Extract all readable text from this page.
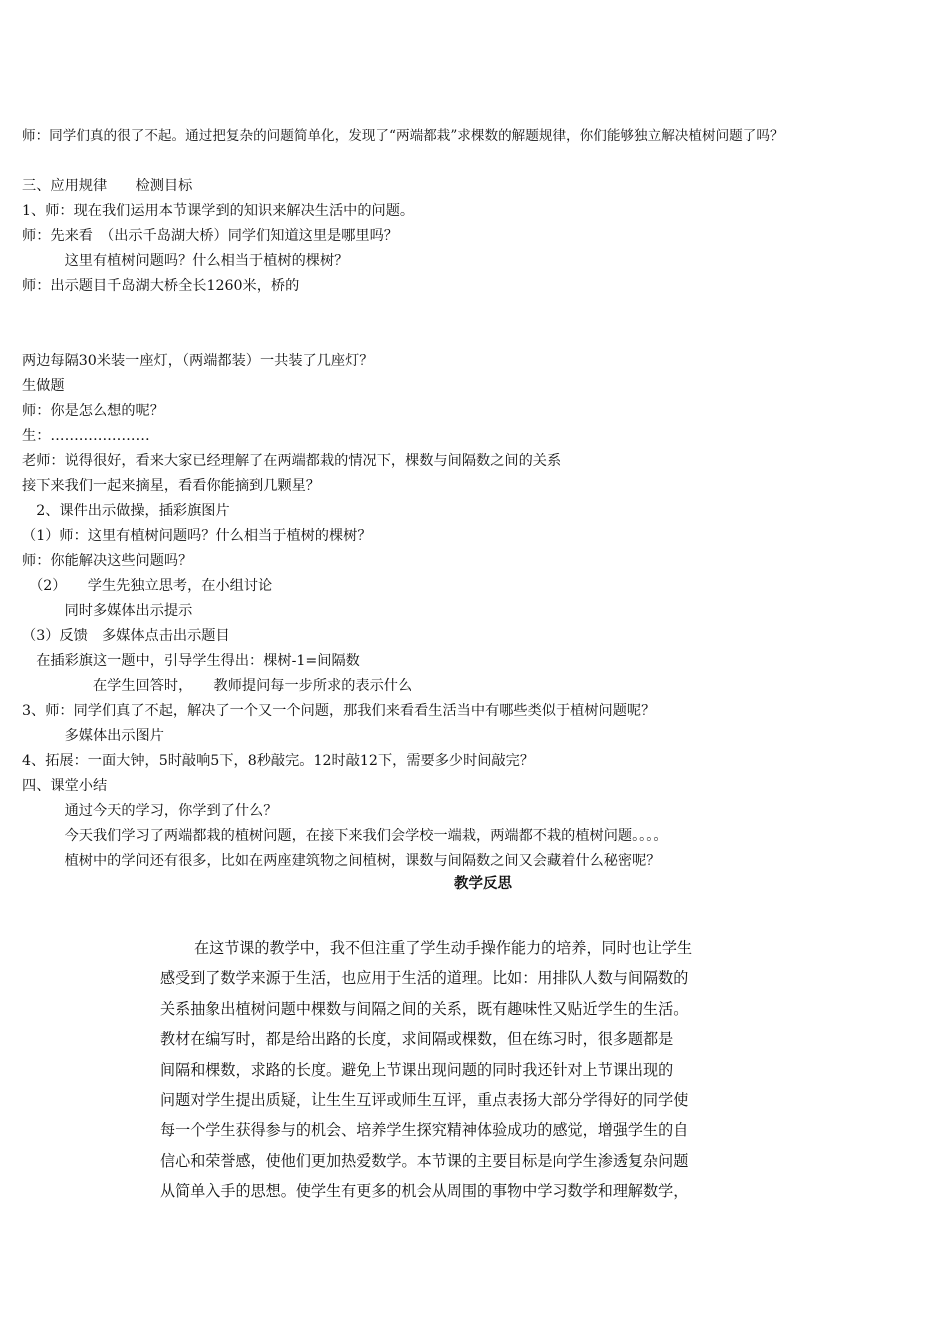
师：同学们真的很了不起。通过把复杂的问题简单化，发现了“两端都栽”求棵数的解题规律，你们能够独立解决植树问题了吗？
三、应用规律　　检测目标
1、师：现在我们运用本节课学到的知识来解决生活中的问题。
师：先来看　（出示千岛湖大桥）同学们知道这里是哪里吗？
　　　这里有植树问题吗？什么相当于植树的棵树？
师：出示题目千岛湖大桥全长1260米，桥的
两边每隔30米装一座灯，（两端都装）一共装了几座灯？
生做题
师：你是怎么想的呢？
生：…………………
老师：说得很好，看来大家已经理解了在两端都栽的情况下，棵数与间隔数之间的关系
接下来我们一起来摘星，看看你能摘到几颗星？
　2、课件出示做操，插彩旗图片
（1）师：这里有植树问题吗？什么相当于植树的棵树？
师：你能解决这些问题吗？
　（2）　　学生先独立思考，在小组讨论
　　　同时多媒体出示提示
（3）反馈　多媒体点击出示题目
　在插彩旗这一题中，引导学生得出：棵树-1=间隔数
　　　　　在学生回答时，　　教师提问每一步所求的表示什么
3、师：同学们真了不起，解决了一个又一个问题，那我们来看看生活当中有哪些类似于植树问题呢？
　　　多媒体出示图片
4、拓展：一面大钟，5时敲响5下，8秒敲完。12时敲12下，需要多少时间敲完？
四、课堂小结
　　　通过今天的学习，你学到了什么？
　　　今天我们学习了两端都栽的植树问题，在接下来我们会学校一端栽，两端都不栽的植树问题。。。。
　　　植树中的学问还有很多，比如在两座建筑物之间植树，课数与间隔数之间又会藏着什么秘密呢？
教学反思
在这节课的教学中，我不但注重了学生动手操作能力的培养，同时也让学生
感受到了数学来源于生活，也应用于生活的道理。比如：用排队人数与间隔数的
关系抽象出植树问题中棵数与间隔之间的关系，既有趣味性又贴近学生的生活。
教材在编写时，都是给出路的长度，求间隔或棵数，但在练习时，很多题都是
间隔和棵数，求路的长度。避免上节课出现问题的同时我还针对上节课出现的
问题对学生提出质疑，让生生互评或师生互评，重点表扬大部分学得好的同学使
每一个学生获得参与的机会、培养学生探究精神体验成功的感觉，增强学生的自
信心和荣誉感，使他们更加热爱数学。本节课的主要目标是向学生渗透复杂问题
从简单入手的思想。使学生有更多的机会从周围的事物中学习数学和理解数学，
